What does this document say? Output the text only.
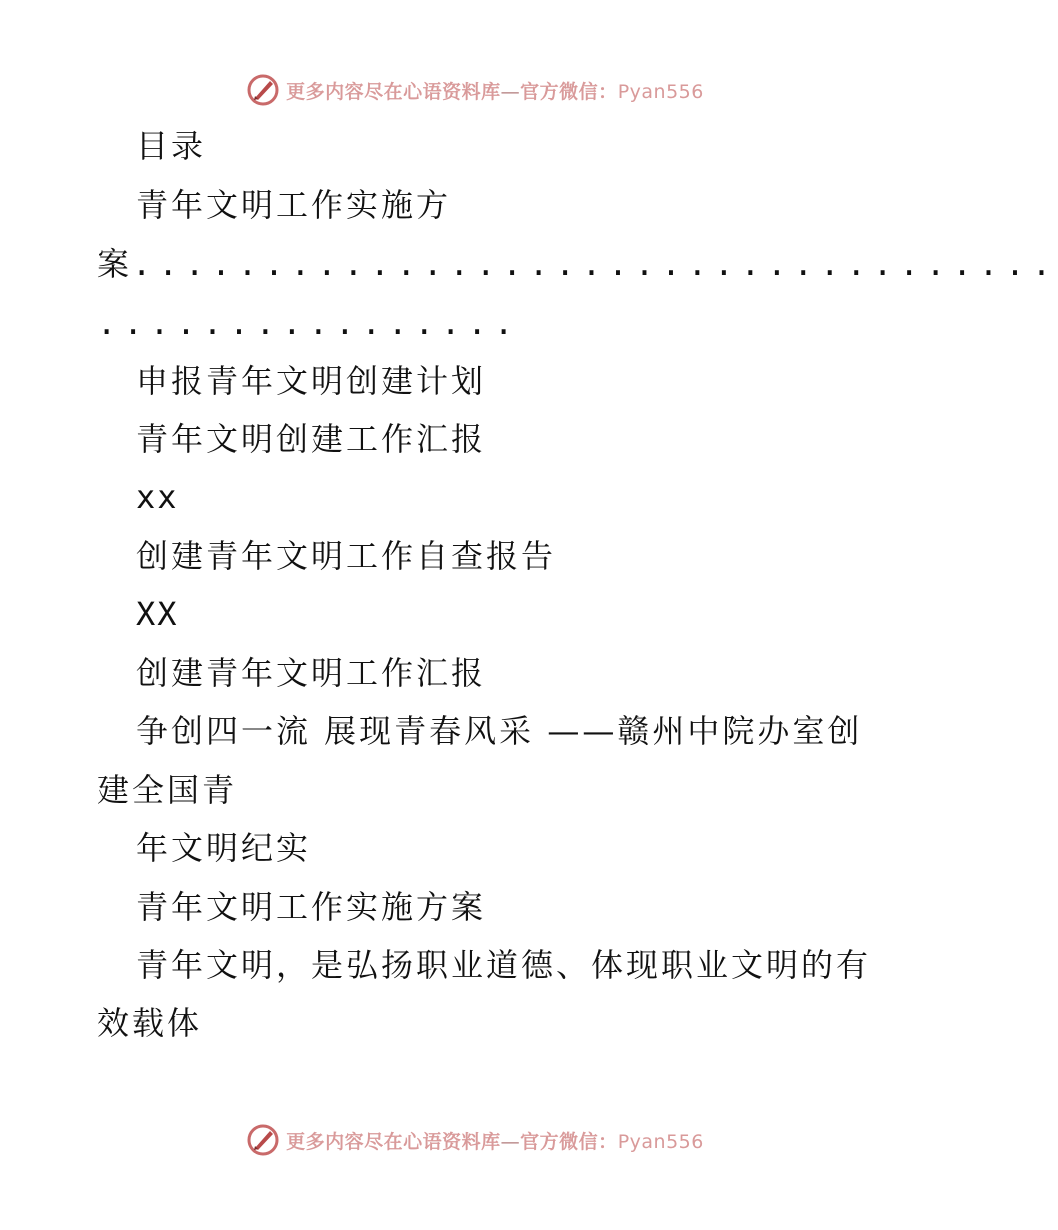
更多内容尽在心语资料库—官方微信：Pyan556
目录
青年文明工作实施方
案...................................
................
申报青年文明创建计划
青年文明创建工作汇报
xx
创建青年文明工作自查报告
XX
创建青年文明工作汇报
争创四一流 展现青春风采 ——赣州中院办室创
建全国青
年文明纪实
青年文明工作实施方案
青年文明，是弘扬职业道德、体现职业文明的有
效载体
更多内容尽在心语资料库—官方微信：Pyan556
